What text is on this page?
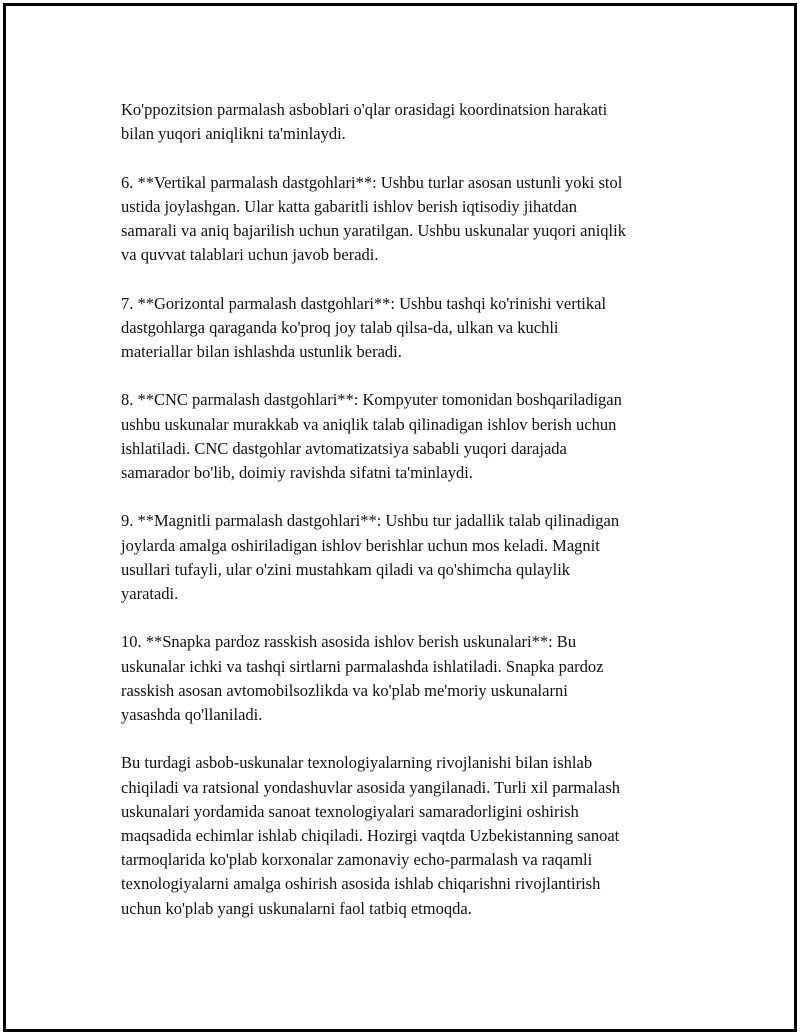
Ko'ppozitsion parmalash asboblari o'qlar orasidagi koordinatsion harakati
bilan yuqori aniqlikni ta'minlaydi.

6. **Vertikal parmalash dastgohlari**: Ushbu turlar asosan ustunli yoki stol
ustida joylashgan. Ular katta gabaritli ishlov berish iqtisodiy jihatdan
samarali va aniq bajarilish uchun yaratilgan. Ushbu uskunalar yuqori aniqlik
va quvvat talablari uchun javob beradi.

7. **Gorizontal parmalash dastgohlari**: Ushbu tashqi ko'rinishi vertikal
dastgohlarga qaraganda ko'proq joy talab qilsa-da, ulkan va kuchli
materiallar bilan ishlashda ustunlik beradi.

8. **CNC parmalash dastgohlari**: Kompyuter tomonidan boshqariladigan
ushbu uskunalar murakkab va aniqlik talab qilinadigan ishlov berish uchun
ishlatiladi. CNC dastgohlar avtomatizatsiya sababli yuqori darajada
samarador bo'lib, doimiy ravishda sifatni ta'minlaydi.

9. **Magnitli parmalash dastgohlari**: Ushbu tur jadallik talab qilinadigan
joylarda amalga oshiriladigan ishlov berishlar uchun mos keladi. Magnit
usullari tufayli, ular o'zini mustahkam qiladi va qo'shimcha qulaylik
yaratadi.

10. **Snapka pardoz rasskish asosida ishlov berish uskunalari**: Bu
uskunalar ichki va tashqi sirtlarni parmalashda ishlatiladi. Snapka pardoz
rasskish asosan avtomobilsozlikda va ko'plab me'moriy uskunalarni
yasashda qo'llaniladi.

Bu turdagi asbob-uskunalar texnologiyalarning rivojlanishi bilan ishlab
chiqiladi va ratsional yondashuvlar asosida yangilanadi. Turli xil parmalash
uskunalari yordamida sanoat texnologiyalari samaradorligini oshirish
maqsadida echimlar ishlab chiqiladi. Hozirgi vaqtda Uzbekistanning sanoat
tarmoqlarida ko'plab korxonalar zamonaviy echo-parmalash va raqamli
texnologiyalarni amalga oshirish asosida ishlab chiqarishni rivojlantirish
uchun ko'plab yangi uskunalarni faol tatbiq etmoqda.
